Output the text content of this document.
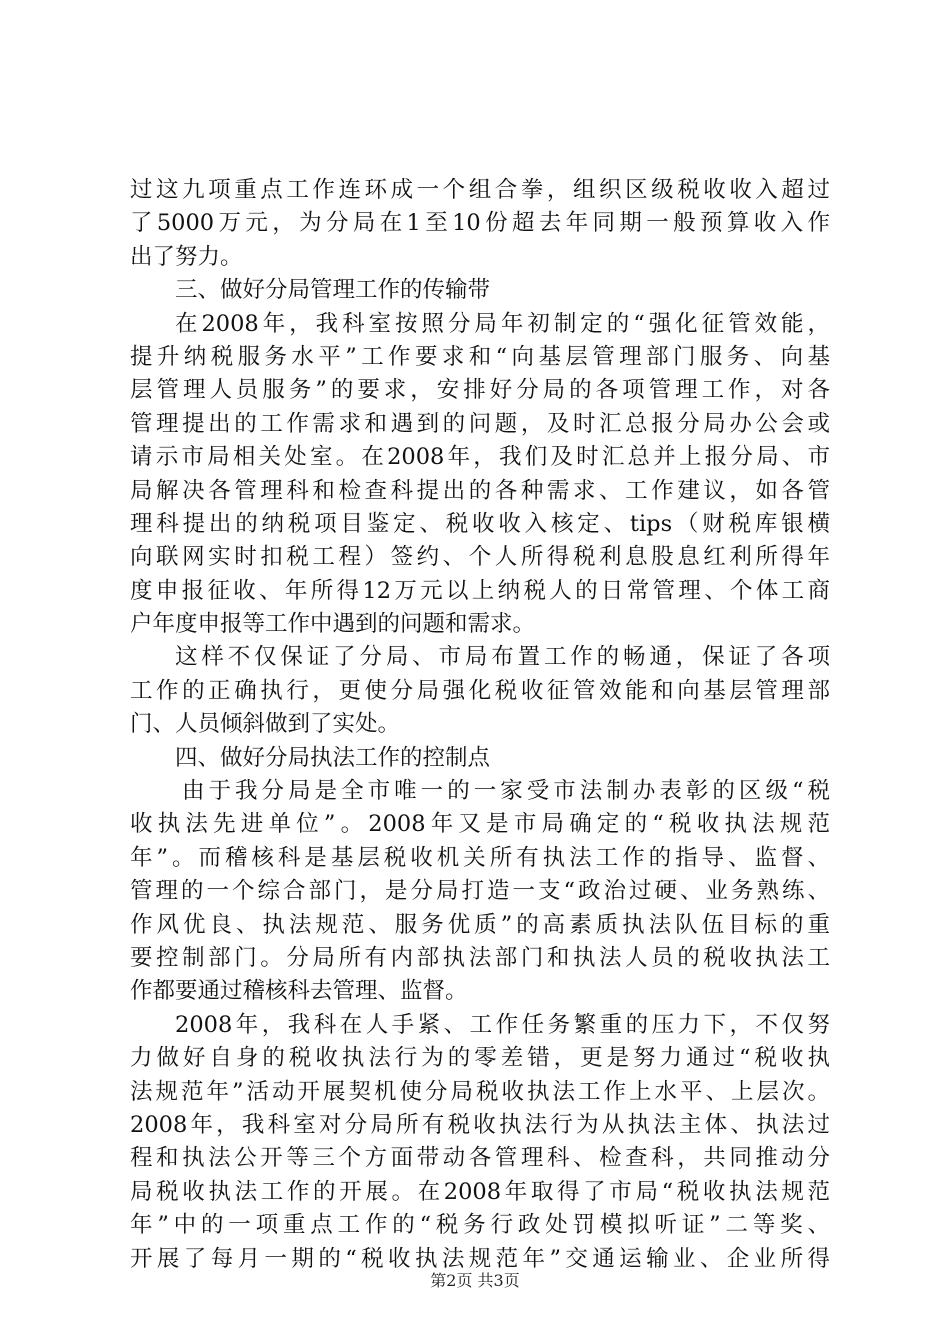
过这九项重点工作连环成一个组合拳，组织区级税收收入超过
了5000万元，为分局在1至10份超去年同期一般预算收入作
出了努力。
三、做好分局管理工作的传输带
在2008年，我科室按照分局年初制定的“强化征管效能，
提升纳税服务水平”工作要求和“向基层管理部门服务、向基
层管理人员服务”的要求，安排好分局的各项管理工作，对各
管理提出的工作需求和遇到的问题，及时汇总报分局办公会或
请示市局相关处室。在2008年，我们及时汇总并上报分局、市
局解决各管理科和检查科提出的各种需求、工作建议，如各管
理科提出的纳税项目鉴定、税收收入核定、tips（财税库银横
向联网实时扣税工程）签约、个人所得税利息股息红利所得年
度申报征收、年所得12万元以上纳税人的日常管理、个体工商
户年度申报等工作中遇到的问题和需求。
这样不仅保证了分局、市局布置工作的畅通，保证了各项
工作的正确执行，更使分局强化税收征管效能和向基层管理部
门、人员倾斜做到了实处。
四、做好分局执法工作的控制点
由于我分局是全市唯一的一家受市法制办表彰的区级“税
收执法先进单位”。2008年又是市局确定的“税收执法规范
年”。而稽核科是基层税收机关所有执法工作的指导、监督、
管理的一个综合部门，是分局打造一支“政治过硬、业务熟练、
作风优良、执法规范、服务优质”的高素质执法队伍目标的重
要控制部门。分局所有内部执法部门和执法人员的税收执法工
作都要通过稽核科去管理、监督。
2008年，我科在人手紧、工作任务繁重的压力下，不仅努
力做好自身的税收执法行为的零差错，更是努力通过“税收执
法规范年”活动开展契机使分局税收执法工作上水平、上层次。
2008年，我科室对分局所有税收执法行为从执法主体、执法过
程和执法公开等三个方面带动各管理科、检查科，共同推动分
局税收执法工作的开展。在2008年取得了市局“税收执法规范
年”中的一项重点工作的“税务行政处罚模拟听证”二等奖、
开展了每月一期的“税收执法规范年”交通运输业、企业所得
第2页 共3页
